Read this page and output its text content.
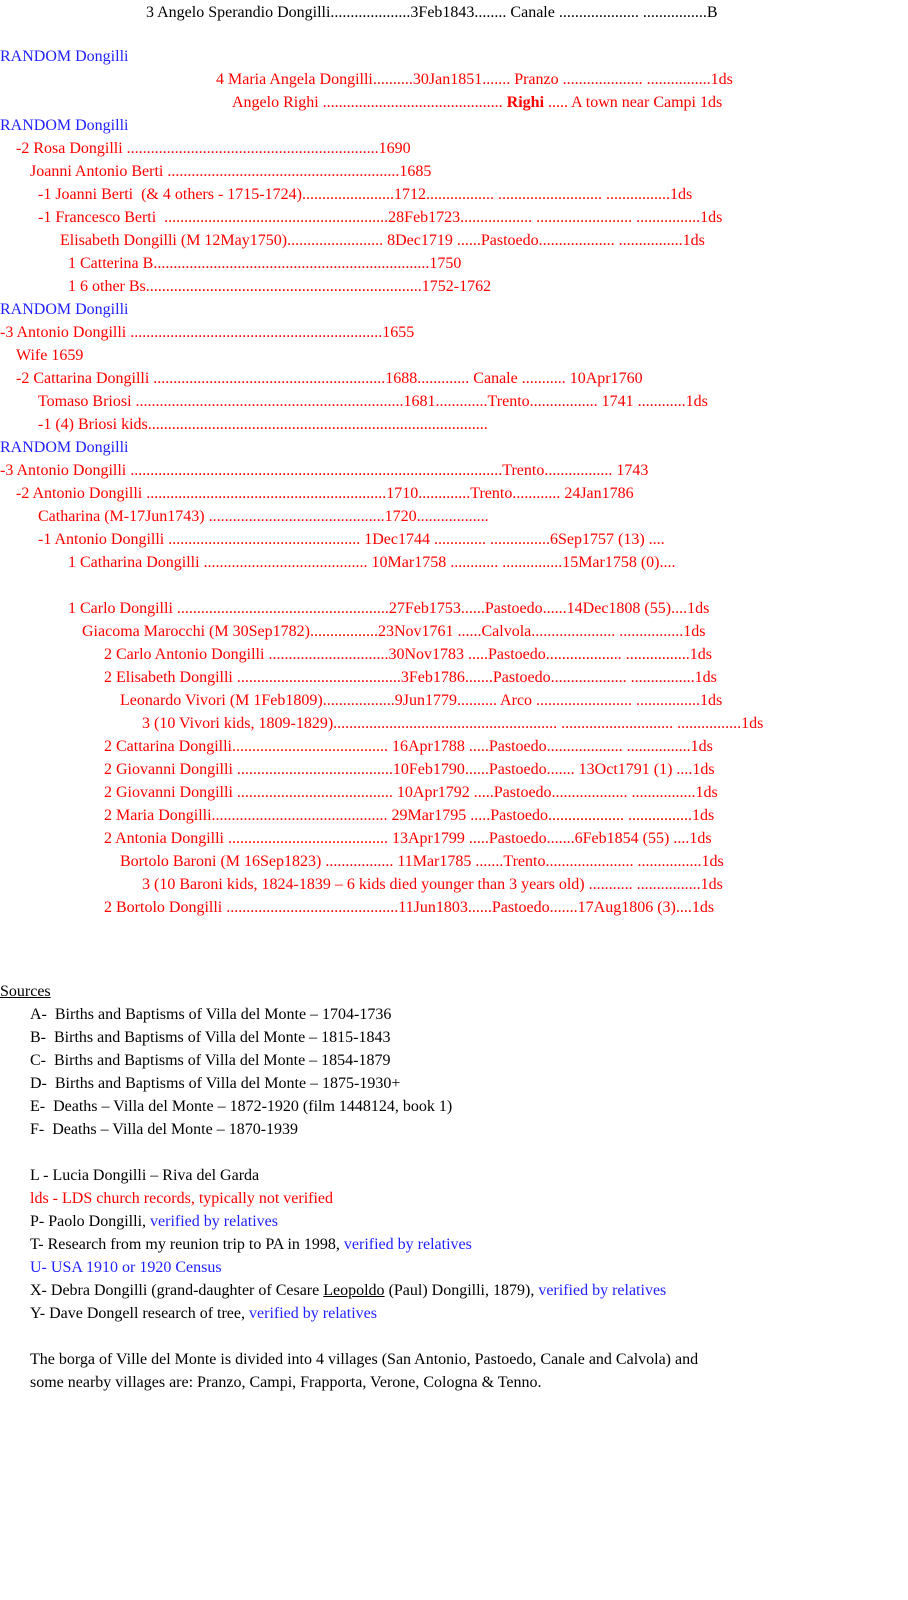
3 Angelo Sperandio Dongilli....................3Feb1843........ Canale .................... ................B
RANDOM Dongilli
4 Maria Angela Dongilli..........30Jan1851....... Pranzo .................... ................1ds
Angelo Righi ............................................. Righi ..... A town near Campi 1ds
RANDOM Dongilli
-2 Rosa Dongilli ...............................................................1690
Joanni Antonio Berti ..........................................................1685
-1 Joanni Berti  (& 4 others - 1715-1724).......................1712................. .......................... ................1ds
-1 Francesco Berti  ........................................................28Feb1723.................. ........................ ................1ds
Elisabeth Dongilli (M 12May1750)........................ 8Dec1719 ......Pastoedo................... ................1ds
1 Catterina B.....................................................................1750
1 6 other Bs.....................................................................1752-1762
RANDOM Dongilli
-3 Antonio Dongilli ...............................................................1655
Wife 1659
-2 Cattarina Dongilli ..........................................................1688............. Canale ........... 10Apr1760
Tomaso Briosi ...................................................................1681.............Trento................. 1741 ............1ds
-1 (4) Briosi kids.....................................................................................
RANDOM Dongilli
-3 Antonio Dongilli .............................................................................................Trento................. 1743
-2 Antonio Dongilli ............................................................1710.............Trento............ 24Jan1786
Catharina (M-17Jun1743) ............................................1720..................
-1 Antonio Dongilli ................................................ 1Dec1744 ............. ...............6Sep1757 (13) ....
1 Catharina Dongilli ......................................... 10Mar1758 ............ ...............15Mar1758 (0)....
1 Carlo Dongilli .....................................................27Feb1753......Pastoedo......14Dec1808 (55)....1ds
Giacoma Marocchi (M 30Sep1782).................23Nov1761 ......Calvola..................... ................1ds
2 Carlo Antonio Dongilli ..............................30Nov1783 .....Pastoedo................... ................1ds
2 Elisabeth Dongilli .........................................3Feb1786.......Pastoedo................... ................1ds
Leonardo Vivori (M 1Feb1809)..................9Jun1779.......... Arco ........................ ................1ds
3 (10 Vivori kids, 1809-1829)........................................................ ............................ ................1ds
2 Cattarina Dongilli....................................... 16Apr1788 .....Pastoedo................... ................1ds
2 Giovanni Dongilli .......................................10Feb1790......Pastoedo....... 13Oct1791 (1) ....1ds
2 Giovanni Dongilli ....................................... 10Apr1792 .....Pastoedo................... ................1ds
2 Maria Dongilli............................................ 29Mar1795 .....Pastoedo................... ................1ds
2 Antonia Dongilli ........................................ 13Apr1799 .....Pastoedo.......6Feb1854 (55) ....1ds
Bortolo Baroni (M 16Sep1823) ................. 11Mar1785 .......Trento...................... ................1ds
3 (10 Baroni kids, 1824-1839 – 6 kids died younger than 3 years old) ........... ................1ds
2 Bortolo Dongilli ...........................................11Jun1803......Pastoedo.......17Aug1806 (3)....1ds
Sources
A-  Births and Baptisms of Villa del Monte – 1704-1736
B-  Births and Baptisms of Villa del Monte – 1815-1843
C-  Births and Baptisms of Villa del Monte – 1854-1879
D-  Births and Baptisms of Villa del Monte – 1875-1930+
E-  Deaths – Villa del Monte – 1872-1920 (film 1448124, book 1)
F-  Deaths – Villa del Monte – 1870-1939
L - Lucia Dongilli – Riva del Garda
lds - LDS church records, typically not verified
P- Paolo Dongilli, verified by relatives
T- Research from my reunion trip to PA in 1998, verified by relatives
U- USA 1910 or 1920 Census
X- Debra Dongilli (grand-daughter of Cesare Leopoldo (Paul) Dongilli, 1879), verified by relatives
Y- Dave Dongell research of tree, verified by relatives
The borga of Ville del Monte is divided into 4 villages (San Antonio, Pastoedo, Canale and Calvola) and
some nearby villages are: Pranzo, Campi, Frapporta, Verone, Cologna & Tenno.
